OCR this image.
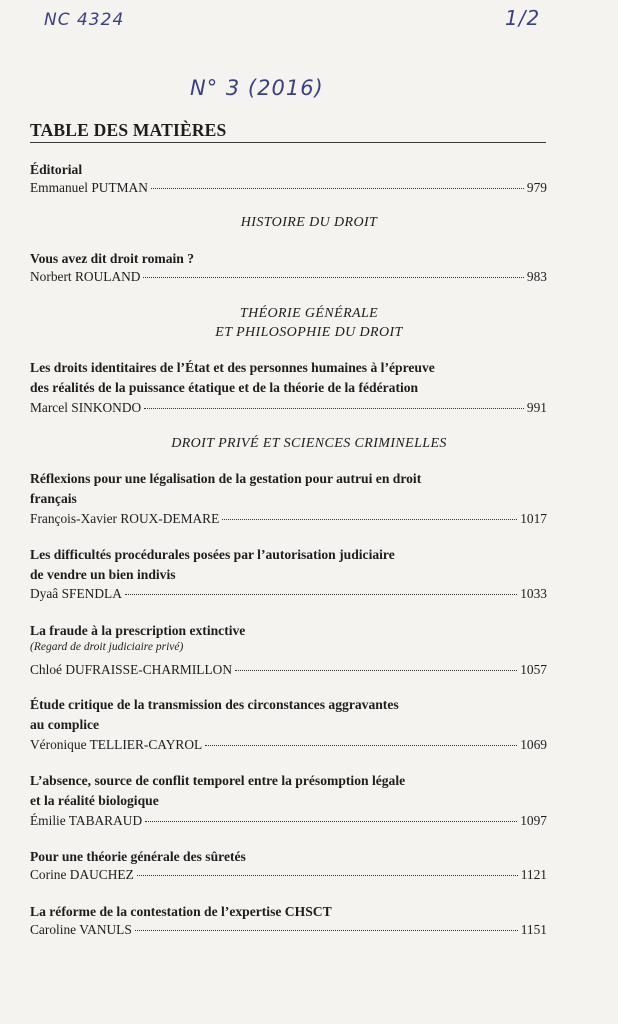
NC 4324	1/2
N° 3 (2016)
TABLE DES MATIÈRES
Éditorial
Emmanuel PUTMAN	979
HISTOIRE DU DROIT
Vous avez dit droit romain ?
Norbert ROULAND	983
THÉORIE GÉNÉRALE
ET PHILOSOPHIE DU DROIT
Les droits identitaires de l’État et des personnes humaines à l’épreuve
des réalités de la puissance étatique et de la théorie de la fédération
Marcel SINKONDO	991
DROIT PRIVÉ ET SCIENCES CRIMINELLES
Réflexions pour une légalisation de la gestation pour autrui en droit
français
François-Xavier ROUX-DEMARE	1017
Les difficultés procédurales posées par l’autorisation judiciaire
de vendre un bien indivis
Dyaâ SFENDLA	1033
La fraude à la prescription extinctive
(Regard de droit judiciaire privé)
Chloé DUFRAISSE-CHARMILLON	1057
Étude critique de la transmission des circonstances aggravantes
au complice
Véronique TELLIER-CAYROL	1069
L’absence, source de conflit temporel entre la présomption légale
et la réalité biologique
Émilie TABARAUD	1097
Pour une théorie générale des sûretés
Corine DAUCHEZ	1121
La réforme de la contestation de l’expertise CHSCT
Caroline VANULS	1151
